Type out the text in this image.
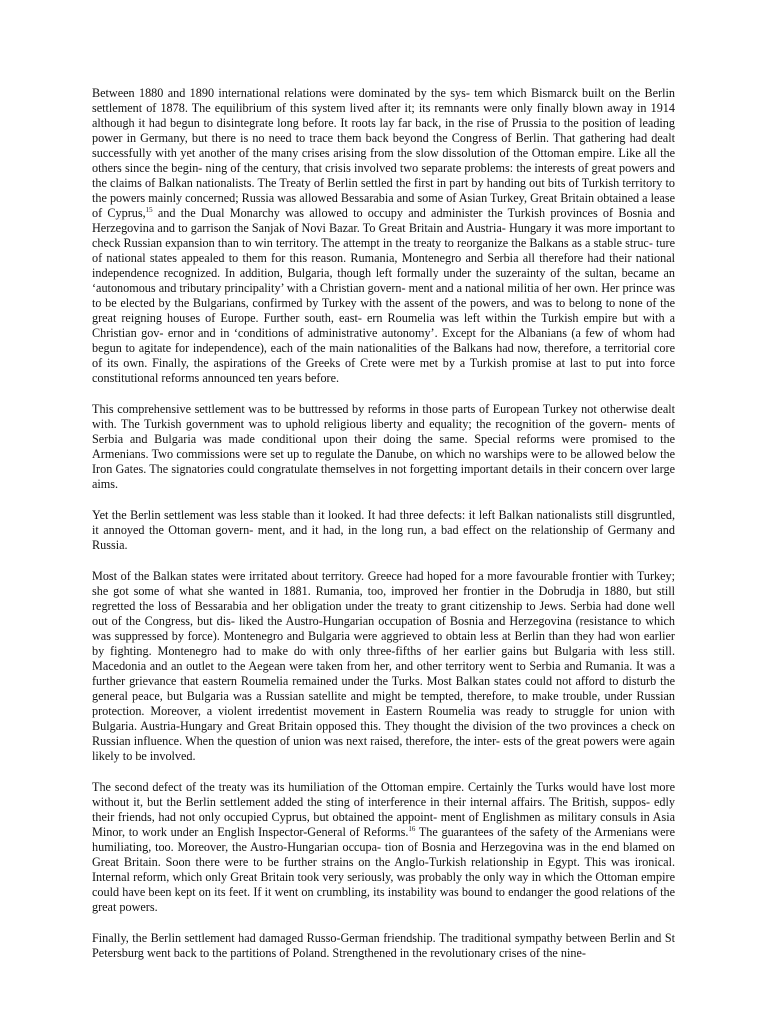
Between 1880 and 1890 international relations were dominated by the sys- tem which Bismarck built on the Berlin settlement of 1878. The equilibrium of this system lived after it; its remnants were only finally blown away in 1914 although it had begun to disintegrate long before. It roots lay far back, in the rise of Prussia to the position of leading power in Germany, but there is no need to trace them back beyond the Congress of Berlin. That gathering had dealt successfully with yet another of the many crises arising from the slow dissolution of the Ottoman empire. Like all the others since the begin- ning of the century, that crisis involved two separate problems: the interests of great powers and the claims of Balkan nationalists. The Treaty of Berlin settled the first in part by handing out bits of Turkish territory to the powers mainly concerned; Russia was allowed Bessarabia and some of Asian Turkey, Great Britain obtained a lease of Cyprus,$^{15}$ and the Dual Monarchy was allowed to occupy and administer the Turkish provinces of Bosnia and Herzegovina and to garrison the Sanjak of Novi Bazar. To Great Britain and Austria- Hungary it was more important to check Russian expansion than to win territory. The attempt in the treaty to reorganize the Balkans as a stable struc- ture of national states appealed to them for this reason. Rumania, Montenegro and Serbia all therefore had their national independence recognized. In addition, Bulgaria, though left formally under the suzerainty of the sultan, became an ‘autonomous and tributary principality’ with a Christian govern- ment and a national militia of her own. Her prince was to be elected by the Bulgarians, confirmed by Turkey with the assent of the powers, and was to belong to none of the great reigning houses of Europe. Further south, east- ern Roumelia was left within the Turkish empire but with a Christian gov- ernor and in ‘conditions of administrative autonomy’. Except for the Albanians (a few of whom had begun to agitate for independence), each of the main nationalities of the Balkans had now, therefore, a territorial core of its own. Finally, the aspirations of the Greeks of Crete were met by a Turkish promise at last to put into force constitutional reforms announced ten years before.

This comprehensive settlement was to be buttressed by reforms in those parts of European Turkey not otherwise dealt with. The Turkish government was to uphold religious liberty and equality; the recognition of the govern- ments of Serbia and Bulgaria was made conditional upon their doing the same. Special reforms were promised to the Armenians. Two commissions were set up to regulate the Danube, on which no warships were to be allowed below the Iron Gates. The signatories could congratulate themselves in not forgetting important details in their concern over large aims.

Yet the Berlin settlement was less stable than it looked. It had three defects: it left Balkan nationalists still disgruntled, it annoyed the Ottoman govern- ment, and it had, in the long run, a bad effect on the relationship of Germany and Russia.

Most of the Balkan states were irritated about territory. Greece had hoped for a more favourable frontier with Turkey; she got some of what she wanted in 1881. Rumania, too, improved her frontier in the Dobrudja in 1880, but still regretted the loss of Bessarabia and her obligation under the treaty to grant citizenship to Jews. Serbia had done well out of the Congress, but dis- liked the Austro-Hungarian occupation of Bosnia and Herzegovina (resistance to which was suppressed by force). Montenegro and Bulgaria were aggrieved to obtain less at Berlin than they had won earlier by fighting. Montenegro had to make do with only three-fifths of her earlier gains but Bulgaria with less still. Macedonia and an outlet to the Aegean were taken from her, and other territory went to Serbia and Rumania. It was a further grievance that eastern Roumelia remained under the Turks. Most Balkan states could not afford to disturb the general peace, but Bulgaria was a Russian satellite and might be tempted, therefore, to make trouble, under Russian protection. Moreover, a violent irredentist movement in Eastern Roumelia was ready to struggle for union with Bulgaria. Austria-Hungary and Great Britain opposed this. They thought the division of the two provinces a check on Russian influence. When the question of union was next raised, therefore, the inter- ests of the great powers were again likely to be involved.

The second defect of the treaty was its humiliation of the Ottoman empire. Certainly the Turks would have lost more without it, but the Berlin settlement added the sting of interference in their internal affairs. The British, suppos- edly their friends, had not only occupied Cyprus, but obtained the appoint- ment of Englishmen as military consuls in Asia Minor, to work under an English Inspector-General of Reforms.$^{16}$ The guarantees of the safety of the Armenians were humiliating, too. Moreover, the Austro-Hungarian occupa- tion of Bosnia and Herzegovina was in the end blamed on Great Britain. Soon there were to be further strains on the Anglo-Turkish relationship in Egypt. This was ironical. Internal reform, which only Great Britain took very seriously, was probably the only way in which the Ottoman empire could have been kept on its feet. If it went on crumbling, its instability was bound to endanger the good relations of the great powers.

Finally, the Berlin settlement had damaged Russo-German friendship. The traditional sympathy between Berlin and St Petersburg went back to the partitions of Poland. Strengthened in the revolutionary crises of the nine-
